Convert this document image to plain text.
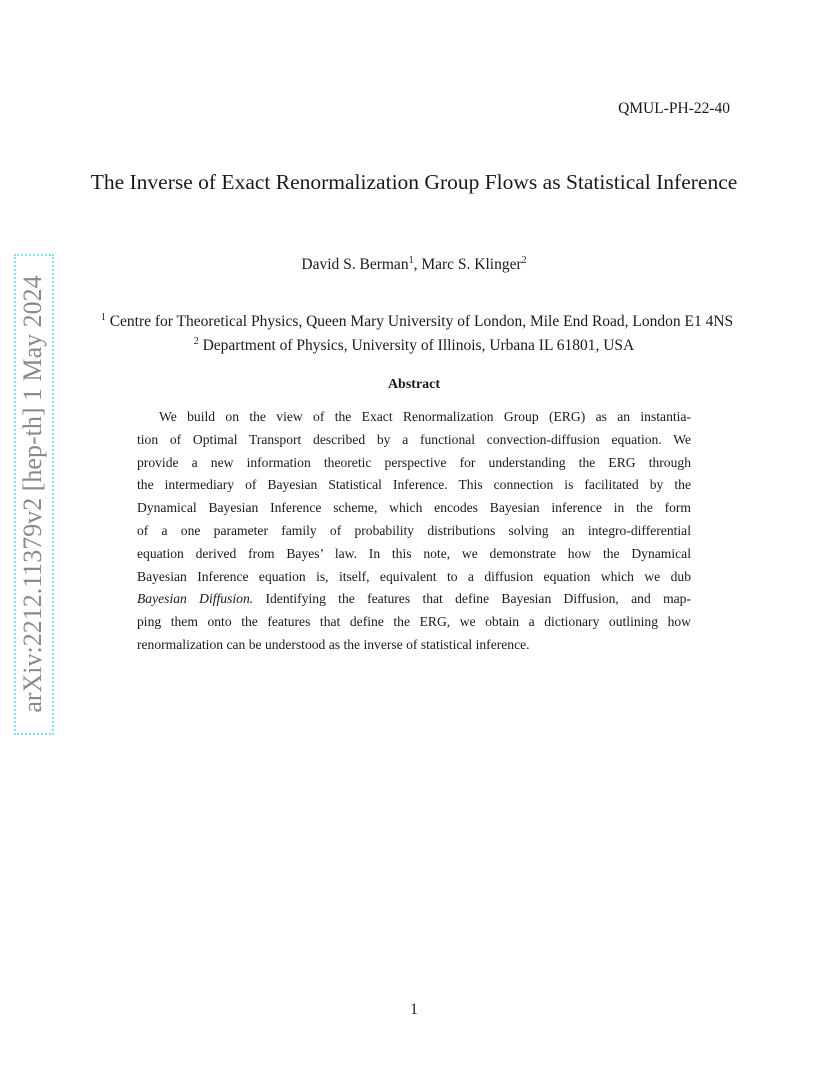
QMUL-PH-22-40
The Inverse of Exact Renormalization Group Flows as Statistical Inference
David S. Berman$^1$, Marc S. Klinger$^2$
$^1$ Centre for Theoretical Physics, Queen Mary University of London, Mile End Road, London E1 4NS
$^2$ Department of Physics, University of Illinois, Urbana IL 61801, USA
Abstract
We build on the view of the Exact Renormalization Group (ERG) as an instantia-
tion of Optimal Transport described by a functional convection-diffusion equation. We
provide a new information theoretic perspective for understanding the ERG through
the intermediary of Bayesian Statistical Inference. This connection is facilitated by the
Dynamical Bayesian Inference scheme, which encodes Bayesian inference in the form
of a one parameter family of probability distributions solving an integro-differential
equation derived from Bayes’ law. In this note, we demonstrate how the Dynamical
Bayesian Inference equation is, itself, equivalent to a diffusion equation which we dub
Bayesian Diffusion. Identifying the features that define Bayesian Diffusion, and map-
ping them onto the features that define the ERG, we obtain a dictionary outlining how
renormalization can be understood as the inverse of statistical inference.
arXiv:2212.11379v2 [hep-th] 1 May 2024
1
